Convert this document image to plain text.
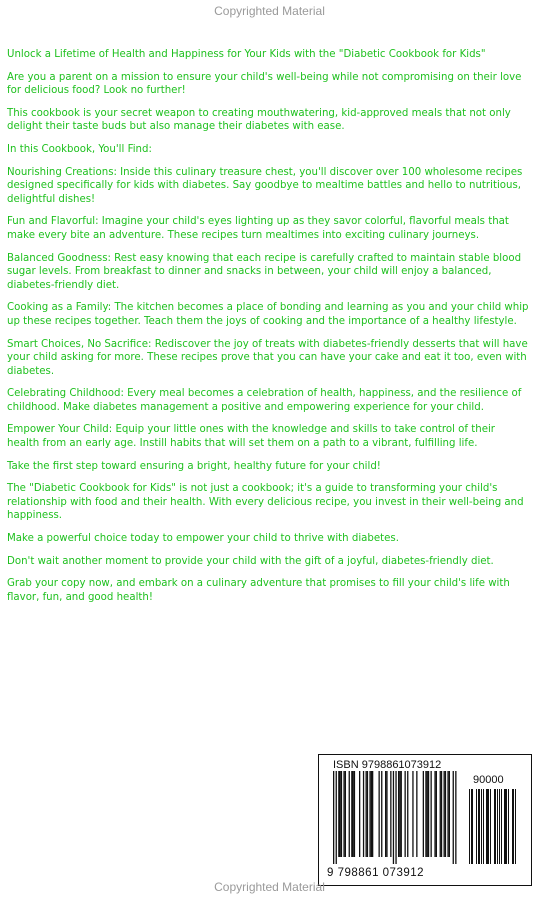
Copyrighted Material

Unlock a Lifetime of Health and Happiness for Your Kids with the "Diabetic Cookbook for Kids"

Are you a parent on a mission to ensure your child's well-being while not compromising on their love for delicious food? Look no further!

This cookbook is your secret weapon to creating mouthwatering, kid-approved meals that not only delight their taste buds but also manage their diabetes with ease.

In this Cookbook, You'll Find:

Nourishing Creations: Inside this culinary treasure chest, you'll discover over 100 wholesome recipes designed specifically for kids with diabetes. Say goodbye to mealtime battles and hello to nutritious, delightful dishes!

Fun and Flavorful: Imagine your child's eyes lighting up as they savor colorful, flavorful meals that make every bite an adventure. These recipes turn mealtimes into exciting culinary journeys.

Balanced Goodness: Rest easy knowing that each recipe is carefully crafted to maintain stable blood sugar levels. From breakfast to dinner and snacks in between, your child will enjoy a balanced, diabetes-friendly diet.

Cooking as a Family: The kitchen becomes a place of bonding and learning as you and your child whip up these recipes together. Teach them the joys of cooking and the importance of a healthy lifestyle.

Smart Choices, No Sacrifice: Rediscover the joy of treats with diabetes-friendly desserts that will have your child asking for more. These recipes prove that you can have your cake and eat it too, even with diabetes.

Celebrating Childhood: Every meal becomes a celebration of health, happiness, and the resilience of childhood. Make diabetes management a positive and empowering experience for your child.

Empower Your Child: Equip your little ones with the knowledge and skills to take control of their health from an early age. Instill habits that will set them on a path to a vibrant, fulfilling life.

Take the first step toward ensuring a bright, healthy future for your child!

The "Diabetic Cookbook for Kids" is not just a cookbook; it's a guide to transforming your child's relationship with food and their health. With every delicious recipe, you invest in their well-being and happiness.

Make a powerful choice today to empower your child to thrive with diabetes.

Don't wait another moment to provide your child with the gift of a joyful, diabetes-friendly diet.

Grab your copy now, and embark on a culinary adventure that promises to fill your child's life with flavor, fun, and good health!

ISBN 9798861073912
90000
9 798861 073912
Copyrighted Material
